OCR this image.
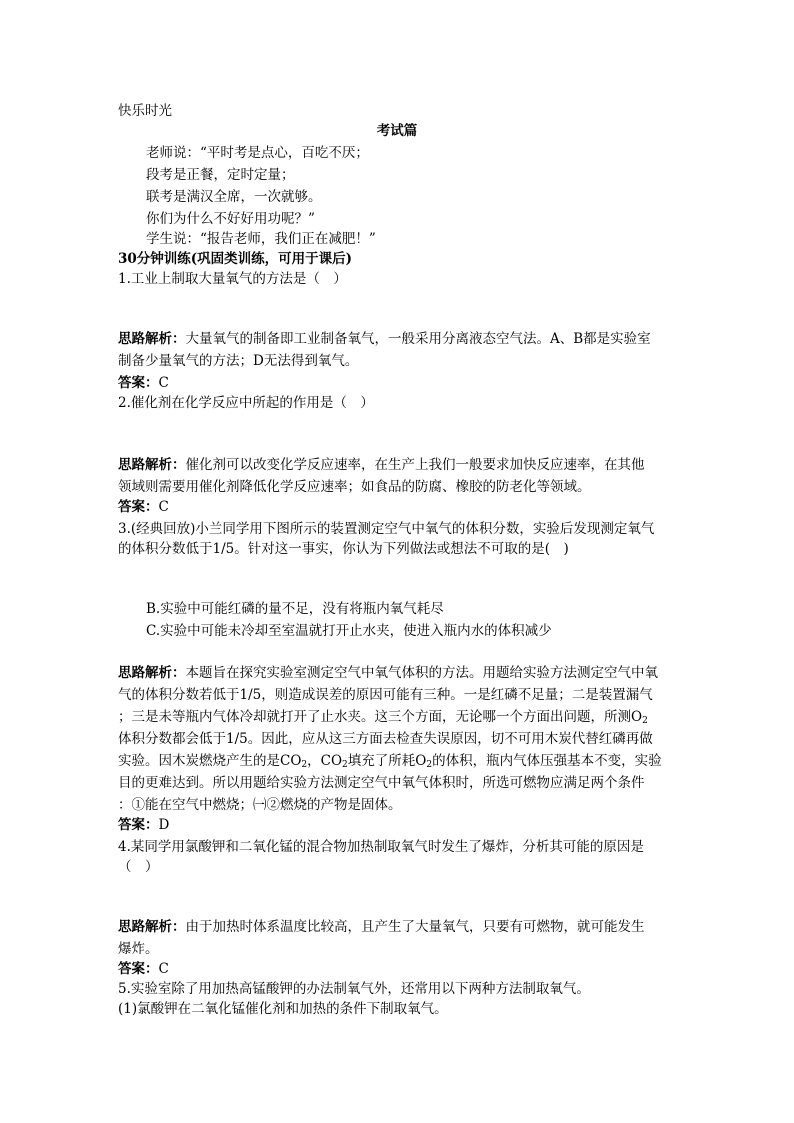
快乐时光
考试篇
老师说：“平时考是点心，百吃不厌；
段考是正餐，定时定量；
联考是满汉全席，一次就够。
你们为什么不好好用功呢？”
学生说：“报告老师，我们正在减肥！”
30分钟训练(巩固类训练，可用于课后)
1.工业上制取大量氧气的方法是（　）
思路解析：大量氧气的制备即工业制备氧气，一般采用分离液态空气法。A、B都是实验室
制备少量氧气的方法；D无法得到氧气。
答案：C
2.催化剂在化学反应中所起的作用是（　）
思路解析：催化剂可以改变化学反应速率，在生产上我们一般要求加快反应速率，在其他
领域则需要用催化剂降低化学反应速率；如食品的防腐、橡胶的防老化等领域。
答案：C
3.(经典回放)小兰同学用下图所示的装置测定空气中氧气的体积分数，实验后发现测定氧气
的体积分数低于1/5。针对这一事实，你认为下列做法或想法不可取的是(　)
B.实验中可能红磷的量不足，没有将瓶内氧气耗尽
C.实验中可能未冷却至室温就打开止水夹，使进入瓶内水的体积减少
思路解析：本题旨在探究实验室测定空气中氧气体积的方法。用题给实验方法测定空气中氧
气的体积分数若低于1/5，则造成误差的原因可能有三种。一是红磷不足量；二是装置漏气
；三是未等瓶内气体冷却就打开了止水夹。这三个方面，无论哪一个方面出问题，所测$O_2$
体积分数都会低于1/5。因此，应从这三方面去检查失误原因，切不可用木炭代替红磷再做
实验。因木炭燃烧产生的是$CO_2$，$CO_2$填充了所耗$O_2$的体积，瓶内气体压强基本不变，实验
目的更难达到。所以用题给实验方法测定空气中氧气体积时，所选可燃物应满足两个条件
：①能在空气中燃烧；㈠②燃烧的产物是固体。
答案：D
4.某同学用氯酸钾和二氧化锰的混合物加热制取氧气时发生了爆炸，分析其可能的原因是
（　）
思路解析：由于加热时体系温度比较高，且产生了大量氧气，只要有可燃物，就可能发生
爆炸。
答案：C
5.实验室除了用加热高锰酸钾的办法制氧气外，还常用以下两种方法制取氧气。
(1)氯酸钾在二氧化锰催化剂和加热的条件下制取氧气。
